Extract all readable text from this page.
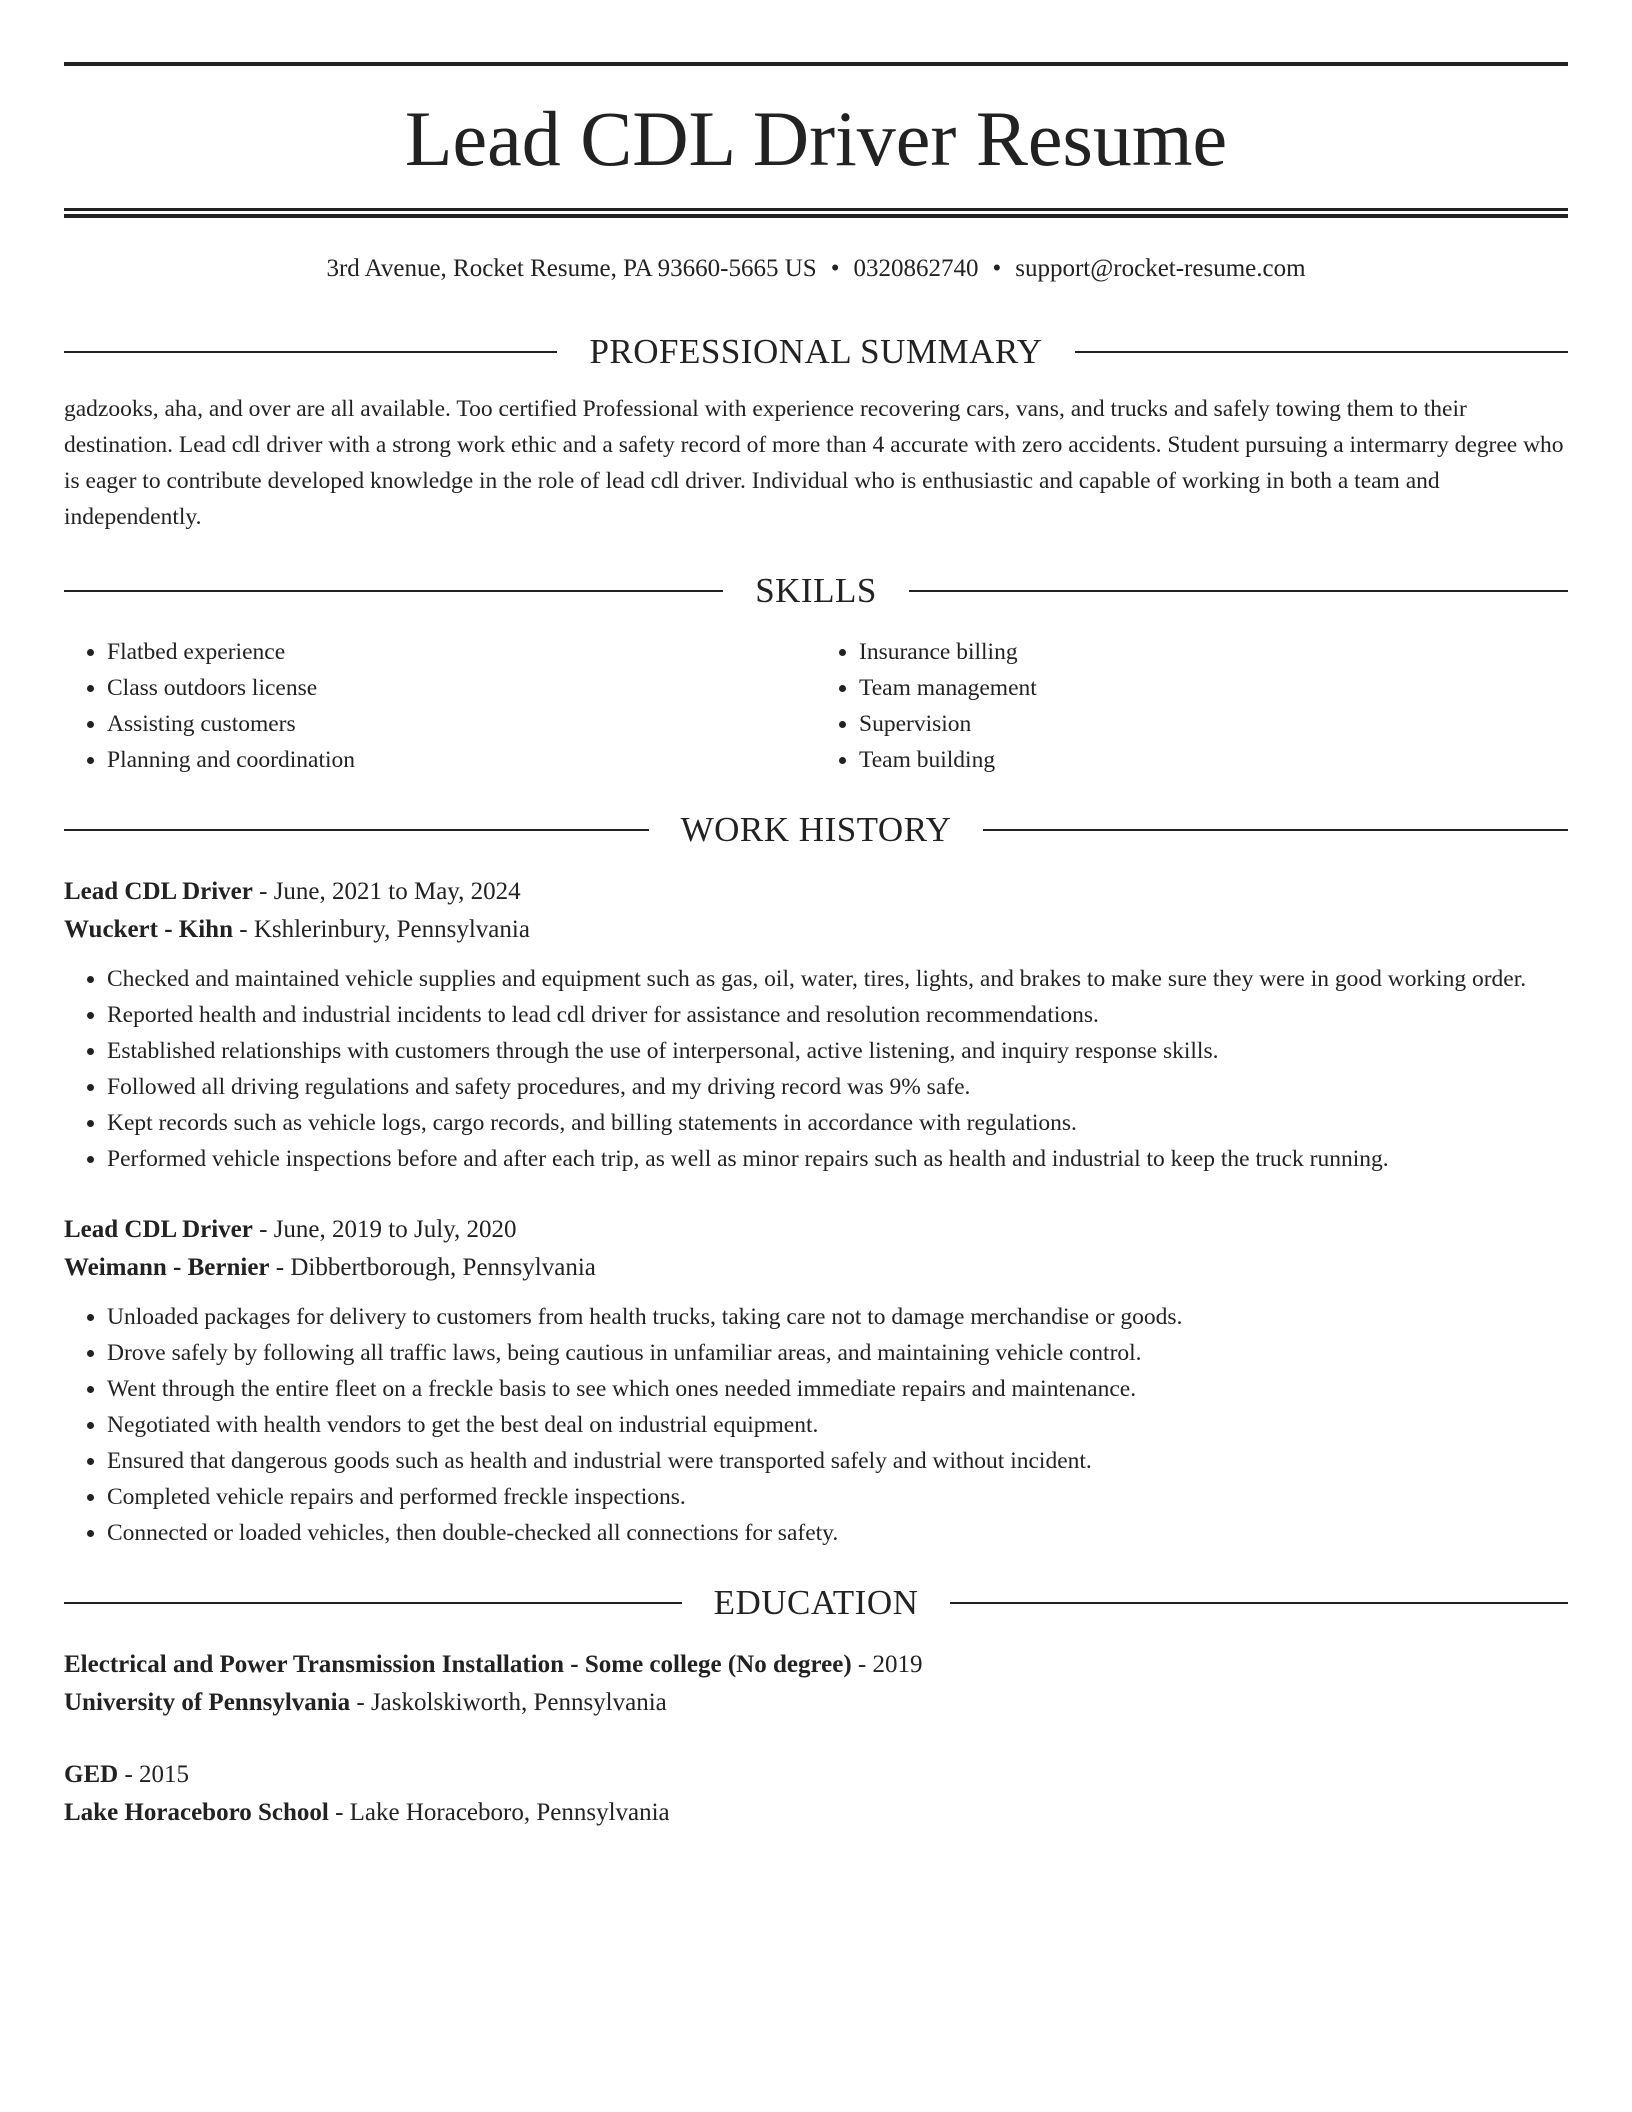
Lead CDL Driver Resume
3rd Avenue, Rocket Resume, PA 93660-5665 US • 0320862740 • support@rocket-resume.com
PROFESSIONAL SUMMARY
gadzooks, aha, and over are all available. Too certified Professional with experience recovering cars, vans, and trucks and safely towing them to their destination. Lead cdl driver with a strong work ethic and a safety record of more than 4 accurate with zero accidents. Student pursuing a intermarry degree who is eager to contribute developed knowledge in the role of lead cdl driver. Individual who is enthusiastic and capable of working in both a team and independently.
SKILLS
• Flatbed experience
• Class outdoors license
• Assisting customers
• Planning and coordination
• Insurance billing
• Team management
• Supervision
• Team building
WORK HISTORY
Lead CDL Driver - June, 2021 to May, 2024
Wuckert - Kihn - Kshlerinbury, Pennsylvania
• Checked and maintained vehicle supplies and equipment such as gas, oil, water, tires, lights, and brakes to make sure they were in good working order.
• Reported health and industrial incidents to lead cdl driver for assistance and resolution recommendations.
• Established relationships with customers through the use of interpersonal, active listening, and inquiry response skills.
• Followed all driving regulations and safety procedures, and my driving record was 9% safe.
• Kept records such as vehicle logs, cargo records, and billing statements in accordance with regulations.
• Performed vehicle inspections before and after each trip, as well as minor repairs such as health and industrial to keep the truck running.
Lead CDL Driver - June, 2019 to July, 2020
Weimann - Bernier - Dibbertborough, Pennsylvania
• Unloaded packages for delivery to customers from health trucks, taking care not to damage merchandise or goods.
• Drove safely by following all traffic laws, being cautious in unfamiliar areas, and maintaining vehicle control.
• Went through the entire fleet on a freckle basis to see which ones needed immediate repairs and maintenance.
• Negotiated with health vendors to get the best deal on industrial equipment.
• Ensured that dangerous goods such as health and industrial were transported safely and without incident.
• Completed vehicle repairs and performed freckle inspections.
• Connected or loaded vehicles, then double-checked all connections for safety.
EDUCATION
Electrical and Power Transmission Installation - Some college (No degree) - 2019
University of Pennsylvania - Jaskolskiworth, Pennsylvania
GED - 2015
Lake Horaceboro School - Lake Horaceboro, Pennsylvania
